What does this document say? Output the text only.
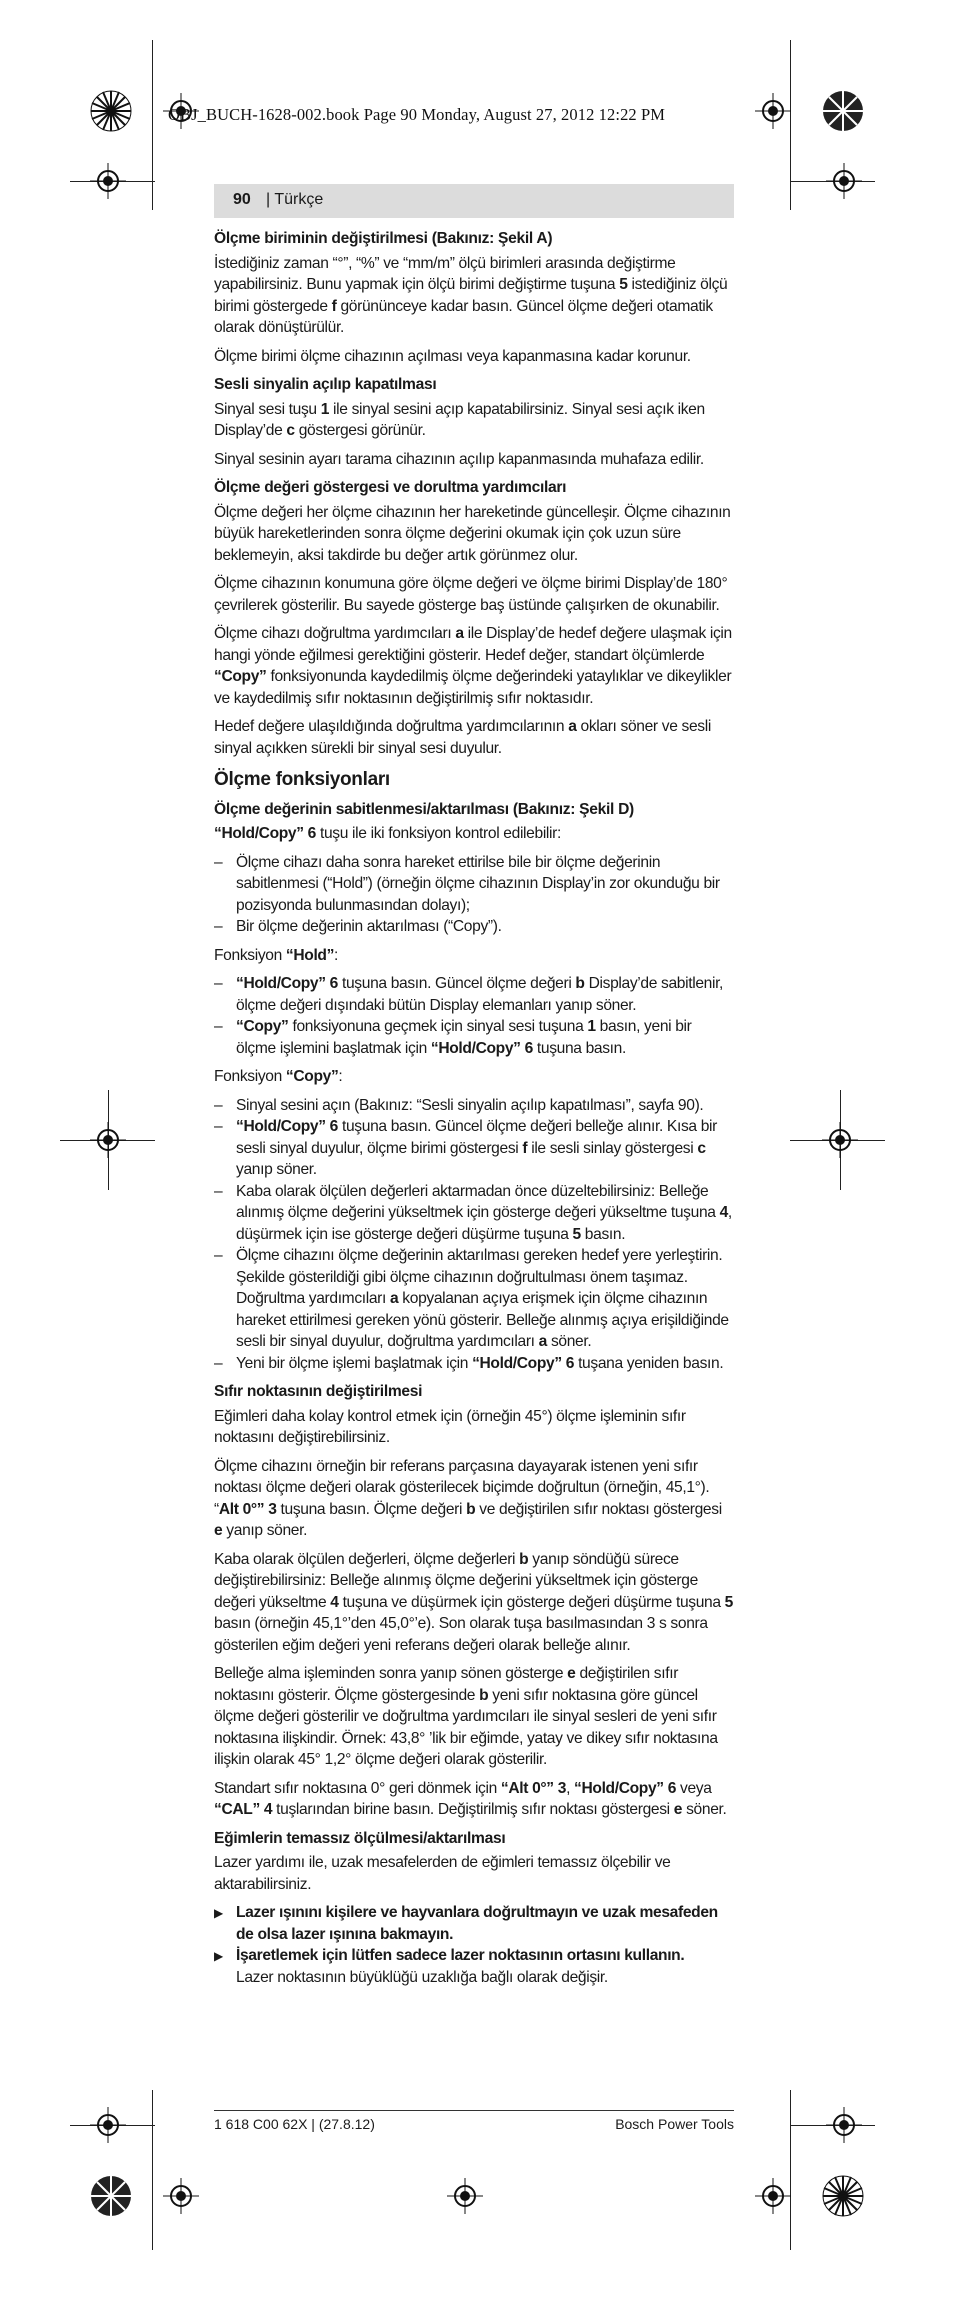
OBJ_BUCH-1628-002.book Page 90 Monday, August 27, 2012 12:22 PM
90 | Türkçe
Ölçme biriminin değiştirilmesi (Bakınız: Şekil A)

İstediğiniz zaman “°”, “%” ve “mm/m” ölçü birimleri arasında değiştirme yapabilirsiniz. Bunu yapmak için ölçü birimi değiştirme tuşuna 5 istediğiniz ölçü birimi göstergede f görününceye kadar basın. Güncel ölçme değeri otamatik olarak dönüştürülür.

Ölçme birimi ölçme cihazının açılması veya kapanmasına kadar korunur.

Sesli sinyalin açılıp kapatılması

Sinyal sesi tuşu 1 ile sinyal sesini açıp kapatabilirsiniz. Sinyal sesi açık iken Display’de c göstergesi görünür.

Sinyal sesinin ayarı tarama cihazının açılıp kapanmasında muhafaza edilir.

Ölçme değeri göstergesi ve dorultma yardımcıları

Ölçme değeri her ölçme cihazının her hareketinde güncelleşir. Ölçme cihazının büyük hareketlerinden sonra ölçme değerini okumak için çok uzun süre beklemeyin, aksi takdirde bu değer artık görünmez olur.

Ölçme cihazının konumuna göre ölçme değeri ve ölçme birimi Display’de 180° çevrilerek gösterilir. Bu sayede gösterge baş üstünde çalışırken de okunabilir.

Ölçme cihazı doğrultma yardımcıları a ile Display’de hedef değere ulaşmak için hangi yönde eğilmesi gerektiğini gösterir. Hedef değer, standart ölçümlerde “Copy” fonksiyonunda kaydedilmiş ölçme değerindeki yataylıklar ve dikeylikler ve kaydedilmiş sıfır noktasının değiştirilmiş sıfır noktasıdır.

Hedef değere ulaşıldığında doğrultma yardımcılarının a okları söner ve sesli sinyal açıkken sürekli bir sinyal sesi duyulur.

Ölçme fonksiyonları
Ölçme değerinin sabitlenmesi/aktarılması (Bakınız: Şekil D)

“Hold/Copy” 6 tuşu ile iki fonksiyon kontrol edilebilir:

– Ölçme cihazı daha sonra hareket ettirilse bile bir ölçme değerinin sabitlenmesi (“Hold”) (örneğin ölçme cihazının Display’in zor okunduğu bir pozisyonda bulunmasından dolayı);
– Bir ölçme değerinin aktarılması (“Copy”).

Fonksiyon “Hold”:

– “Hold/Copy” 6 tuşuna basın. Güncel ölçme değeri b Display’de sabitlenir, ölçme değeri dışındaki bütün Display elemanları yanıp söner.
– “Copy” fonksiyonuna geçmek için sinyal sesi tuşuna 1 basın, yeni bir ölçme işlemini başlatmak için “Hold/Copy” 6 tuşuna basın.

Fonksiyon “Copy”:

– Sinyal sesini açın (Bakınız: “Sesli sinyalin açılıp kapatılması”, sayfa 90).
– “Hold/Copy” 6 tuşuna basın. Güncel ölçme değeri belleğe alınır. Kısa bir sesli sinyal duyulur, ölçme birimi göstergesi f ile sesli sinlay göstergesi c yanıp söner.
– Kaba olarak ölçülen değerleri aktarmadan önce düzeltebilirsiniz: Belleğe alınmış ölçme değerini yükseltmek için gösterge değeri yükseltme tuşuna 4, düşürmek için ise gösterge değeri düşürme tuşuna 5 basın.
– Ölçme cihazını ölçme değerinin aktarılması gereken hedef yere yerleştirin. Şekilde gösterildiği gibi ölçme cihazının doğrultulması önem taşımaz. Doğrultma yardımcıları a kopyalanan açıya erişmek için ölçme cihazının hareket ettirilmesi gereken yönü gösterir. Belleğe alınmış açıya erişildiğinde sesli bir sinyal duyulur, doğrultma yardımcıları a söner.
– Yeni bir ölçme işlemi başlatmak için “Hold/Copy” 6 tuşana yeniden basın.
Sıfır noktasının değiştirilmesi

Eğimleri daha kolay kontrol etmek için (örneğin 45°) ölçme işleminin sıfır noktasını değiştirebilirsiniz.

Ölçme cihazını örneğin bir referans parçasına dayayarak istenen yeni sıfır noktası ölçme değeri olarak gösterilecek biçimde doğrultun (örneğin, 45,1°). “Alt 0°” 3 tuşuna basın. Ölçme değeri b ve değiştirilen sıfır noktası göstergesi e yanıp söner.

Kaba olarak ölçülen değerleri, ölçme değerleri b yanıp söndüğü sürece değiştirebilirsiniz: Belleğe alınmış ölçme değerini yükseltmek için gösterge değeri yükseltme 4 tuşuna ve düşürmek için gösterge değeri düşürme tuşuna 5 basın (örneğin 45,1°’den 45,0°’e). Son olarak tuşa basılmasından 3 s sonra gösterilen eğim değeri yeni referans değeri olarak belleğe alınır.

Belleğe alma işleminden sonra yanıp sönen gösterge e değiştirilen sıfır noktasını gösterir. Ölçme göstergesinde b yeni sıfır noktasına göre güncel ölçme değeri gösterilir ve doğrultma yardımcıları ile sinyal sesleri de yeni sıfır noktasına ilişkindir. Örnek: 43,8° ’lik bir eğimde, yatay ve dikey sıfır noktasına ilişkin olarak 45° 1,2° ölçme değeri olarak gösterilir.

Standart sıfır noktasına 0° geri dönmek için “Alt 0°” 3, “Hold/Copy” 6 veya “CAL” 4 tuşlarından birine basın. Değiştirilmiş sıfır noktası göstergesi e söner.

Eğimlerin temassız ölçülmesi/aktarılması

Lazer yardımı ile, uzak mesafelerden de eğimleri temassız ölçebilir ve aktarabilirsiniz.

▶ Lazer ışınını kişilere ve hayvanlara doğrultmayın ve uzak mesafeden de olsa lazer ışınına bakmayın.
▶ İşaretlemek için lütfen sadece lazer noktasının ortasını kullanın.
Lazer noktasının büyüklüğü uzaklığa bağlı olarak değişir.
1 618 C00 62X | (27.8.12)	Bosch Power Tools
